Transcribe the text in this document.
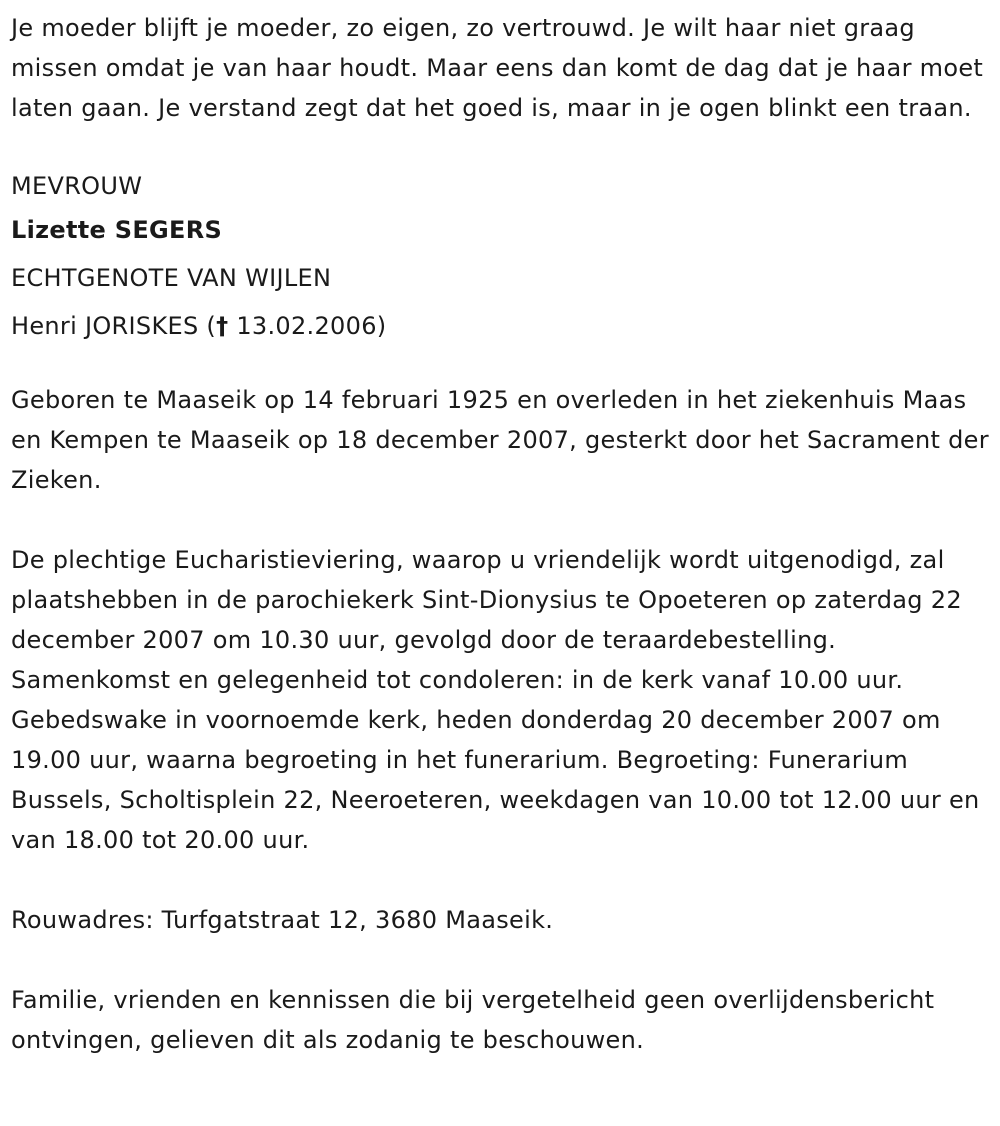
Je moeder blijft je moeder, zo eigen, zo vertrouwd. Je wilt haar niet graag missen omdat je van haar houdt. Maar eens dan komt de dag dat je haar moet laten gaan. Je verstand zegt dat het goed is, maar in je ogen blinkt een traan.

MEVROUW

Lizette SEGERS

ECHTGENOTE VAN WIJLEN

Henri JORISKES († 13.02.2006)

Geboren te Maaseik op 14 februari 1925 en overleden in het ziekenhuis Maas en Kempen te Maaseik op 18 december 2007, gesterkt door het Sacrament der Zieken.

De plechtige Eucharistieviering, waarop u vriendelijk wordt uitgenodigd, zal plaatshebben in de parochiekerk Sint-Dionysius te Opoeteren op zaterdag 22 december 2007 om 10.30 uur, gevolgd door de teraardebestelling. Samenkomst en gelegenheid tot condoleren: in de kerk vanaf 10.00 uur. Gebedswake in voornoemde kerk, heden donderdag 20 december 2007 om 19.00 uur, waarna begroeting in het funerarium. Begroeting: Funerarium Bussels, Scholtisplein 22, Neeroeteren, weekdagen van 10.00 tot 12.00 uur en van 18.00 tot 20.00 uur.

Rouwadres: Turfgatstraat 12, 3680 Maaseik.

Familie, vrienden en kennissen die bij vergetelheid geen overlijdensbericht ontvingen, gelieven dit als zodanig te beschouwen.
